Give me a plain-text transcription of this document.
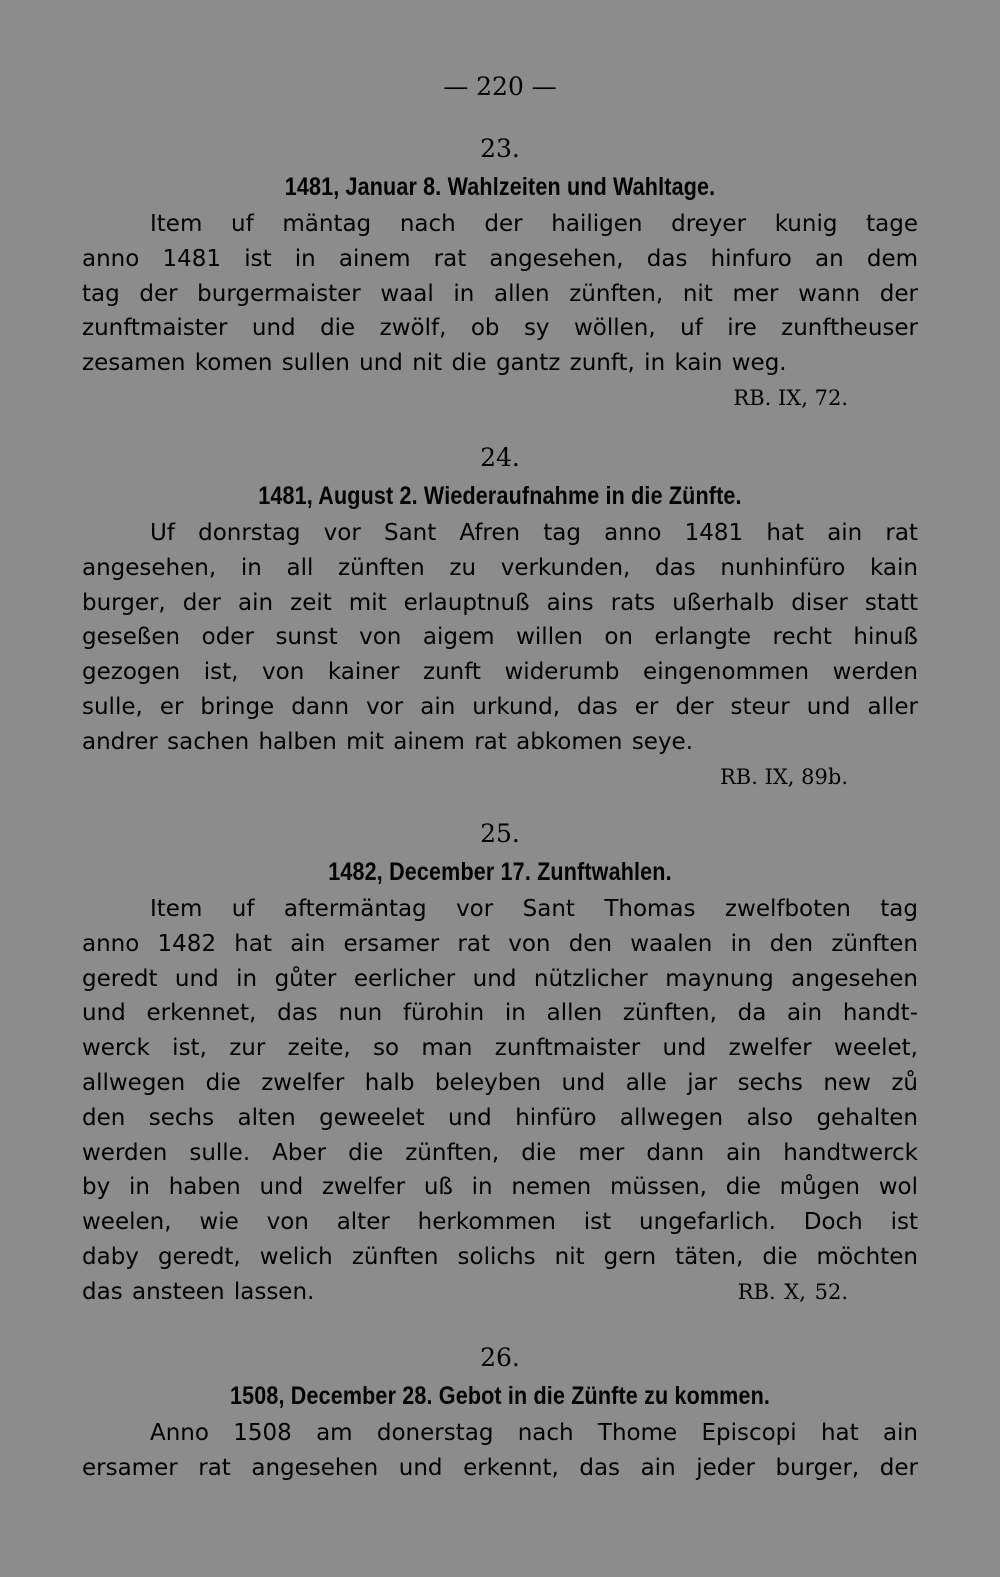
— 220 —
23.
1481, Januar 8. Wahlzeiten und Wahltage.
Item uf mäntag nach der hailigen dreyer kunig tage
anno 1481 ist in ainem rat angesehen, das hinfuro an dem
tag der burgermaister waal in allen zünften, nit mer wann der
zunftmaister und die zwölf, ob sy wöllen, uf ire zunftheuser
zesamen komen sullen und nit die gantz zunft, in kain weg.
RB. IX, 72.
24.
1481, August 2. Wiederaufnahme in die Zünfte.
Uf donrstag vor Sant Afren tag anno 1481 hat ain rat
angesehen, in all zünften zu verkunden, das nunhinfüro kain
burger, der ain zeit mit erlauptnuß ains rats ußerhalb diser statt
geseßen oder sunst von aigem willen on erlangte recht hinuß
gezogen ist, von kainer zunft widerumb eingenommen werden
sulle, er bringe dann vor ain urkund, das er der steur und aller
andrer sachen halben mit ainem rat abkomen seye.
RB. IX, 89b.
25.
1482, December 17. Zunftwahlen.
Item uf aftermäntag vor Sant Thomas zwelfboten tag
anno 1482 hat ain ersamer rat von den waalen in den zünften
geredt und in gůter eerlicher und nützlicher maynung angesehen
und erkennet, das nun fürohin in allen zünften, da ain handt-
werck ist, zur zeite, so man zunftmaister und zwelfer weelet,
allwegen die zwelfer halb beleyben und alle jar sechs new zů
den sechs alten geweelet und hinfüro allwegen also gehalten
werden sulle. Aber die zünften, die mer dann ain handtwerck
by in haben und zwelfer uß in nemen müssen, die můgen wol
weelen, wie von alter herkommen ist ungefarlich. Doch ist
daby geredt, welich zünften solichs nit gern täten, die möchten
das ansteen lassen.	RB. X, 52.
26.
1508, December 28. Gebot in die Zünfte zu kommen.
Anno 1508 am donerstag nach Thome Episcopi hat ain
ersamer rat angesehen und erkennt, das ain jeder burger, der
